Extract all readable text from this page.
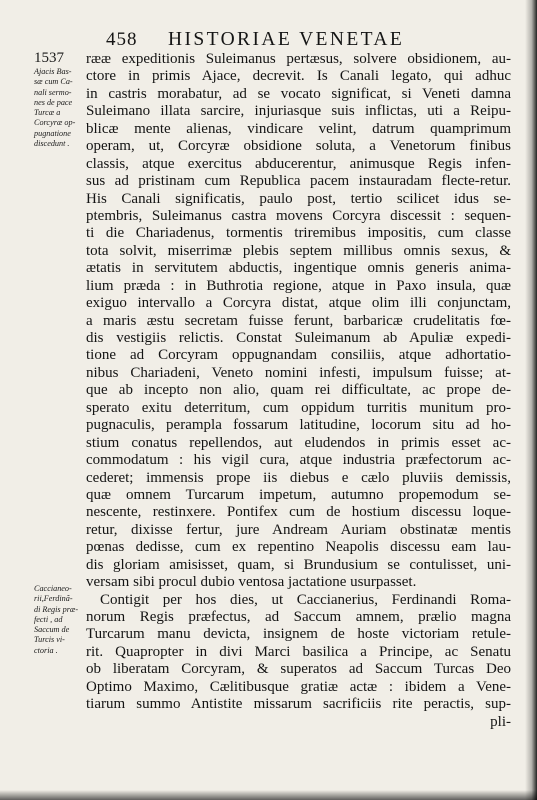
458 HISTORIAE VENETAE
1537
Ajacis Bas-
sæ cum Ca-
nali sermo-
nes de pace
Turcæ a
Corcyræ op-
pugnatione
discedunt .
Caccianeo-
rii,Ferdinã-
di Regis præ-
fecti , ad
Saccum de
Turcis vi-
ctoria .
rææ expeditionis Suleimanus pertæsus, solvere obsidionem, au-
ctore in primis Ajace, decrevit. Is Canali legato, qui adhuc
in castris morabatur, ad se vocato significat, si Veneti damna
Suleimano illata sarcire, injuriasque suis inflictas, uti a Reipu-
blicæ mente alienas, vindicare velint, datrum quamprimum
operam, ut, Corcyræ obsidione soluta, a Venetorum finibus
classis, atque exercitus abducerentur, animusque Regis infen-
sus ad pristinam cum Republica pacem instauradam flecte-retur.
His Canali significatis, paulo post, tertio scilicet idus se-
ptembris, Suleimanus castra movens Corcyra discessit : sequen-
ti die Chariadenus, tormentis triremibus impositis, cum classe
tota solvit, miserrimæ plebis septem millibus omnis sexus, &
ætatis in servitutem abductis, ingentique omnis generis anima-
lium præda : in Buthrotia regione, atque in Paxo insula, quæ
exiguo intervallo a Corcyra distat, atque olim illi conjunctam,
a maris æstu secretam fuisse ferunt, barbaricæ crudelitatis fœ-
dis vestigiis relictis. Constat Suleimanum ab Apuliæ expedi-
tione ad Corcyram oppugnandam consiliis, atque adhortatio-
nibus Chariadeni, Veneto nomini infesti, impulsum fuisse; at-
que ab incepto non alio, quam rei difficultate, ac prope de-
sperato exitu deterritum, cum oppidum turritis munitum pro-
pugnaculis, perampla fossarum latitudine, locorum situ ad ho-
stium conatus repellendos, aut eludendos in primis esset ac-
commodatum : his vigil cura, atque industria præfectorum ac-
cederet; immensis prope iis diebus e cælo pluviis demissis,
quæ omnem Turcarum impetum, autumno propemodum se-
nescente, restinxere. Pontifex cum de hostium discessu loque-
retur, dixisse fertur, jure Andream Auriam obstinatæ mentis
pœnas dedisse, cum ex repentino Neapolis discessu eam lau-
dis gloriam amisisset, quam, si Brundusium se contulisset, uni-
versam sibi procul dubio ventosa jactatione usurpasset.
Contigit per hos dies, ut Caccianerius, Ferdinandi Roma-
norum Regis præfectus, ad Saccum amnem, prælio magna
Turcarum manu devicta, insignem de hoste victoriam retule-
rit. Quapropter in divi Marci basilica a Principe, ac Senatu
ob liberatam Corcyram, & superatos ad Saccum Turcas Deo
Optimo Maximo, Cælitibusque gratiæ actæ : ibidem a Vene-
tiarum summo Antistite missarum sacrificiis rite peractis, sup-
pli-
